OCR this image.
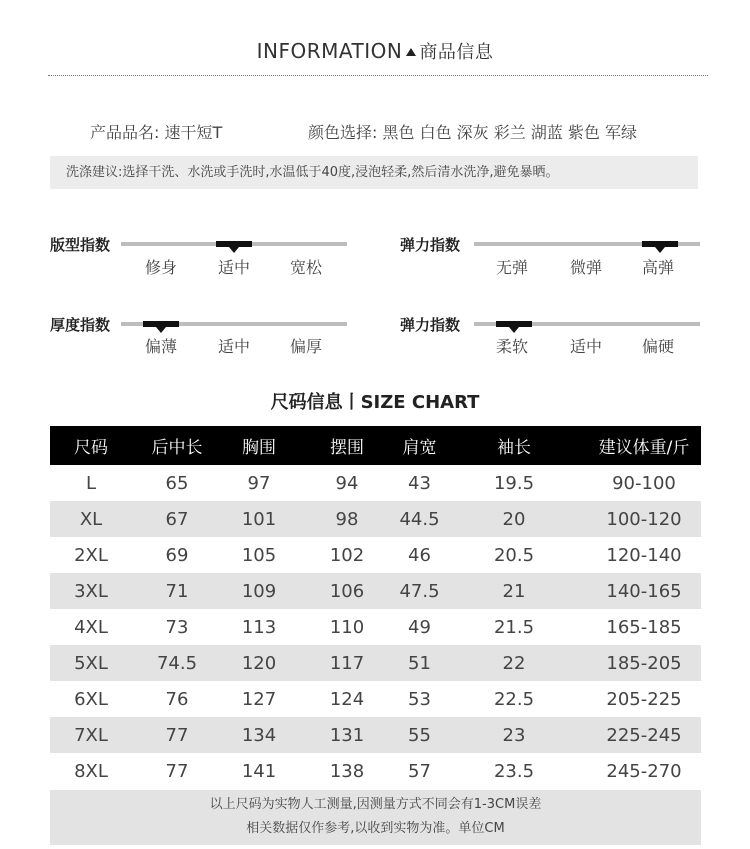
INFORMATION 商品信息
产品品名: 速干短T	颜色选择: 黑色 白色 深灰 彩兰 湖蓝 紫色 军绿
洗涤建议:选择干洗、水洗或手洗时,水温低于40度,浸泡轻柔,然后清水洗净,避免暴晒。
版型指数
修身	适中 宽松
弹力指数
无弹	微弹 高弹
厚度指数
偏薄	适中 偏厚
弹力指数
柔软	适中 偏硬
尺码信息丨SIZE CHART
尺码	后中长	胸围	摆围	肩宽	袖长	建议体重/斤
L	65	97	94	43	19.5	90-100
XL	67	101	98	44.5	20	100-120
2XL	69	105	102	46	20.5	120-140
3XL	71	109	106	47.5	21	140-165
4XL	73	113	110	49	21.5	165-185
5XL	74.5	120	117	51	22	185-205
6XL	76	127	124	53	22.5	205-225
7XL	77	134	131	55	23	225-245
8XL	77	141	138	57	23.5	245-270
以上尺码为实物人工测量,因测量方式不同会有1-3CM误差
相关数据仅作参考,以收到实物为准。单位CM
